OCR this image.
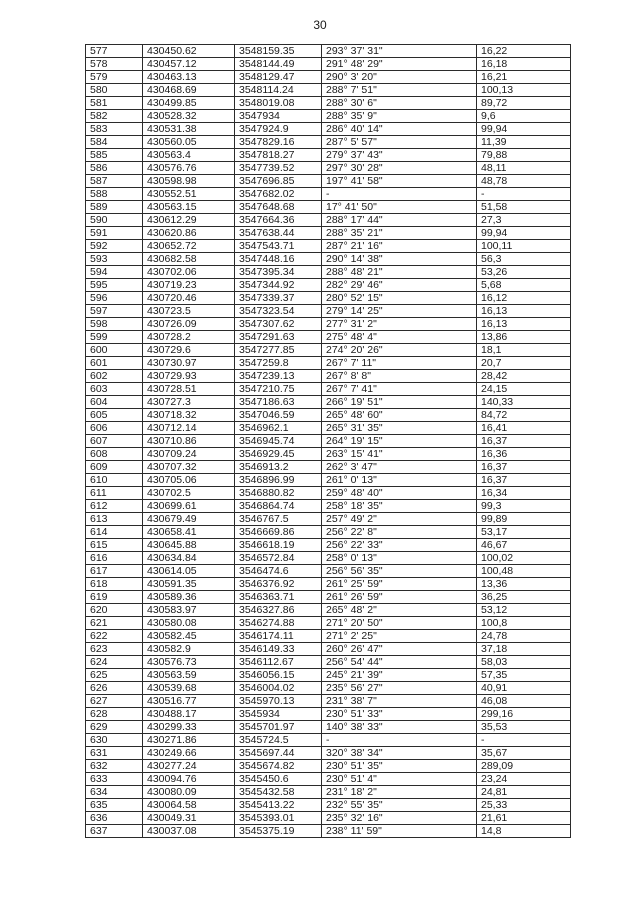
30
577	430450.62	3548159.35	293° 37' 31"	16,22
578	430457.12	3548144.49	291° 48' 29"	16,18
579	430463.13	3548129.47	290° 3' 20"	16,21
580	430468.69	3548114.24	288° 7' 51"	100,13
581	430499.85	3548019.08	288° 30' 6"	89,72
582	430528.32	3547934	288° 35' 9"	9,6
583	430531.38	3547924.9	286° 40' 14"	99,94
584	430560.05	3547829.16	287° 5' 57"	11,39
585	430563.4	3547818.27	279° 37' 43"	79,88
586	430576.76	3547739.52	297° 30' 28"	48,11
587	430598.98	3547696.85	197° 41' 58"	48,78
588	430552.51	3547682.02	-	-
589	430563.15	3547648.68	17° 41' 50"	51,58
590	430612.29	3547664.36	288° 17' 44"	27,3
591	430620.86	3547638.44	288° 35' 21"	99,94
592	430652.72	3547543.71	287° 21' 16"	100,11
593	430682.58	3547448.16	290° 14' 38"	56,3
594	430702.06	3547395.34	288° 48' 21"	53,26
595	430719.23	3547344.92	282° 29' 46"	5,68
596	430720.46	3547339.37	280° 52' 15"	16,12
597	430723.5	3547323.54	279° 14' 25"	16,13
598	430726.09	3547307.62	277° 31' 2"	16,13
599	430728.2	3547291.63	275° 48' 4"	13,86
600	430729.6	3547277.85	274° 20' 26"	18,1
601	430730.97	3547259.8	267° 7' 11"	20,7
602	430729.93	3547239.13	267° 8' 8"	28,42
603	430728.51	3547210.75	267° 7' 41"	24,15
604	430727.3	3547186.63	266° 19' 51"	140,33
605	430718.32	3547046.59	265° 48' 60"	84,72
606	430712.14	3546962.1	265° 31' 35"	16,41
607	430710.86	3546945.74	264° 19' 15"	16,37
608	430709.24	3546929.45	263° 15' 41"	16,36
609	430707.32	3546913.2	262° 3' 47"	16,37
610	430705.06	3546896.99	261° 0' 13"	16,37
611	430702.5	3546880.82	259° 48' 40"	16,34
612	430699.61	3546864.74	258° 18' 35"	99,3
613	430679.49	3546767.5	257° 49' 2"	99,89
614	430658.41	3546669.86	256° 22' 8"	53,17
615	430645.88	3546618.19	256° 22' 33"	46,67
616	430634.84	3546572.84	258° 0' 13"	100,02
617	430614.05	3546474.6	256° 56' 35"	100,48
618	430591.35	3546376.92	261° 25' 59"	13,36
619	430589.36	3546363.71	261° 26' 59"	36,25
620	430583.97	3546327.86	265° 48' 2"	53,12
621	430580.08	3546274.88	271° 20' 50"	100,8
622	430582.45	3546174.11	271° 2' 25"	24,78
623	430582.9	3546149.33	260° 26' 47"	37,18
624	430576.73	3546112.67	256° 54' 44"	58,03
625	430563.59	3546056.15	245° 21' 39"	57,35
626	430539.68	3546004.02	235° 56' 27"	40,91
627	430516.77	3545970.13	231° 38' 7"	46,08
628	430488.17	3545934	230° 51' 33"	299,16
629	430299.33	3545701.97	140° 38' 33"	35,53
630	430271.86	3545724.5	-	-
631	430249.66	3545697.44	320° 38' 34"	35,67
632	430277.24	3545674.82	230° 51' 35"	289,09
633	430094.76	3545450.6	230° 51' 4"	23,24
634	430080.09	3545432.58	231° 18' 2"	24,81
635	430064.58	3545413.22	232° 55' 35"	25,33
636	430049.31	3545393.01	235° 32' 16"	21,61
637	430037.08	3545375.19	238° 11' 59"	14,8
